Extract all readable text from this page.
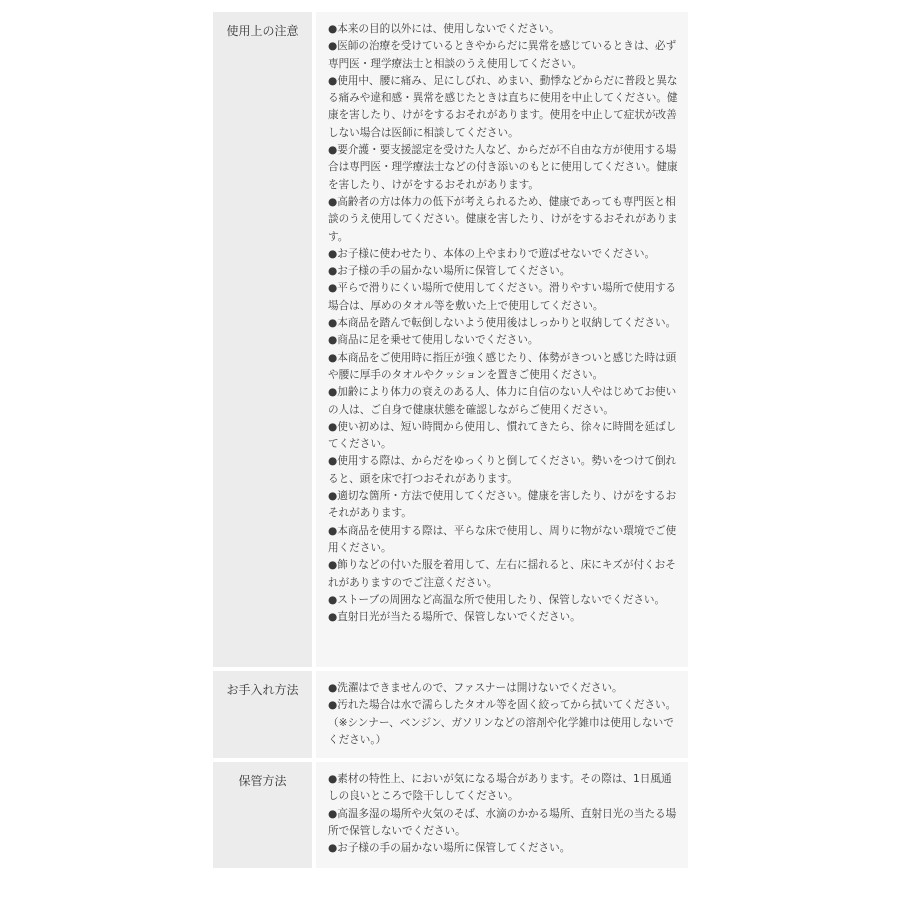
使用上の注意	●本来の目的以外には、使用しないでください。
●医師の治療を受けているときやからだに異常を感じているときは、必ず専門医・理学療法士と相談のうえ使用してください。
●使用中、腰に痛み、足にしびれ、めまい、動悸などからだに普段と異なる痛みや違和感・異常を感じたときは直ちに使用を中止してください。健康を害したり、けがをするおそれがあります。使用を中止して症状が改善しない場合は医師に相談してください。
●要介護・要支援認定を受けた人など、からだが不自由な方が使用する場合は専門医・理学療法士などの付き添いのもとに使用してください。健康を害したり、けがをするおそれがあります。
●高齢者の方は体力の低下が考えられるため、健康であっても専門医と相談のうえ使用してください。健康を害したり、けがをするおそれがあります。
●お子様に使わせたり、本体の上やまわりで遊ばせないでください。
●お子様の手の届かない場所に保管してください。
●平らで滑りにくい場所で使用してください。滑りやすい場所で使用する場合は、厚めのタオル等を敷いた上で使用してください。
●本商品を踏んで転倒しないよう使用後はしっかりと収納してください。
●商品に足を乗せて使用しないでください。
●本商品をご使用時に指圧が強く感じたり、体勢がきついと感じた時は頭や腰に厚手のタオルやクッションを置きご使用ください。
●加齢により体力の衰えのある人、体力に自信のない人やはじめてお使いの人は、ご自身で健康状態を確認しながらご使用ください。
●使い初めは、短い時間から使用し、慣れてきたら、徐々に時間を延ばしてください。
●使用する際は、からだをゆっくりと倒してください。勢いをつけて倒れると、頭を床で打つおそれがあります。
●適切な箇所・方法で使用してください。健康を害したり、けがをするおそれがあります。
●本商品を使用する際は、平らな床で使用し、周りに物がない環境でご使用ください。
●飾りなどの付いた服を着用して、左右に揺れると、床にキズが付くおそれがありますのでご注意ください。
●ストーブの周囲など高温な所で使用したり、保管しないでください。
●直射日光が当たる場所で、保管しないでください。
お手入れ方法	●洗濯はできませんので、ファスナーは開けないでください。
●汚れた場合は水で濡らしたタオル等を固く絞ってから拭いてください。（※シンナー、ベンジン、ガソリンなどの溶剤や化学雑巾は使用しないでください。）
保管方法	●素材の特性上、においが気になる場合があります。その際は、1日風通しの良いところで陰干ししてください。
●高温多湿の場所や火気のそば、水滴のかかる場所、直射日光の当たる場所で保管しないでください。
●お子様の手の届かない場所に保管してください。
